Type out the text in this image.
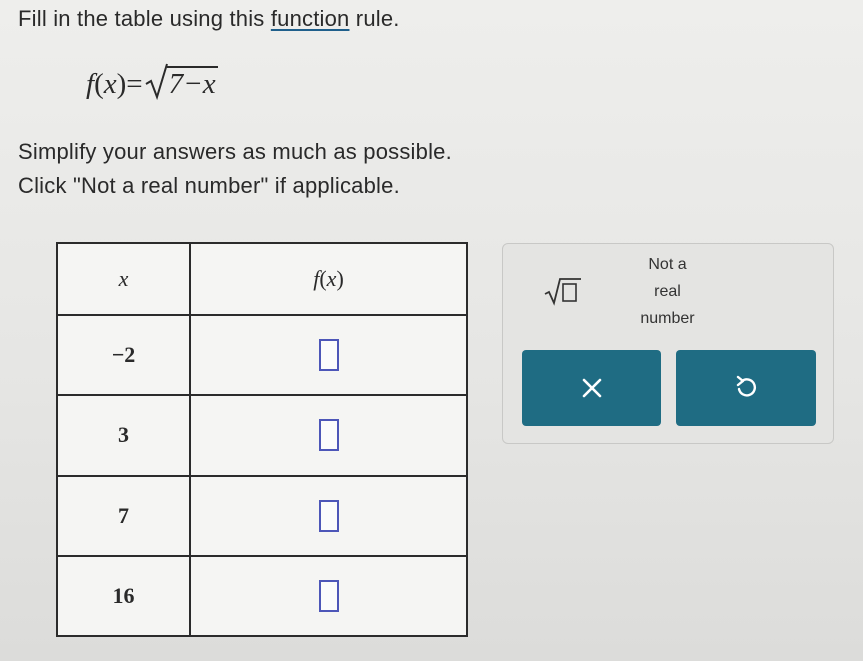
Fill in the table using this function rule.
f(x)= 7−x
Simplify your answers as much as possible.
Click "Not a real number" if applicable.
x	f(x)
−2	
3	
7	
16	
Not a
real
number
